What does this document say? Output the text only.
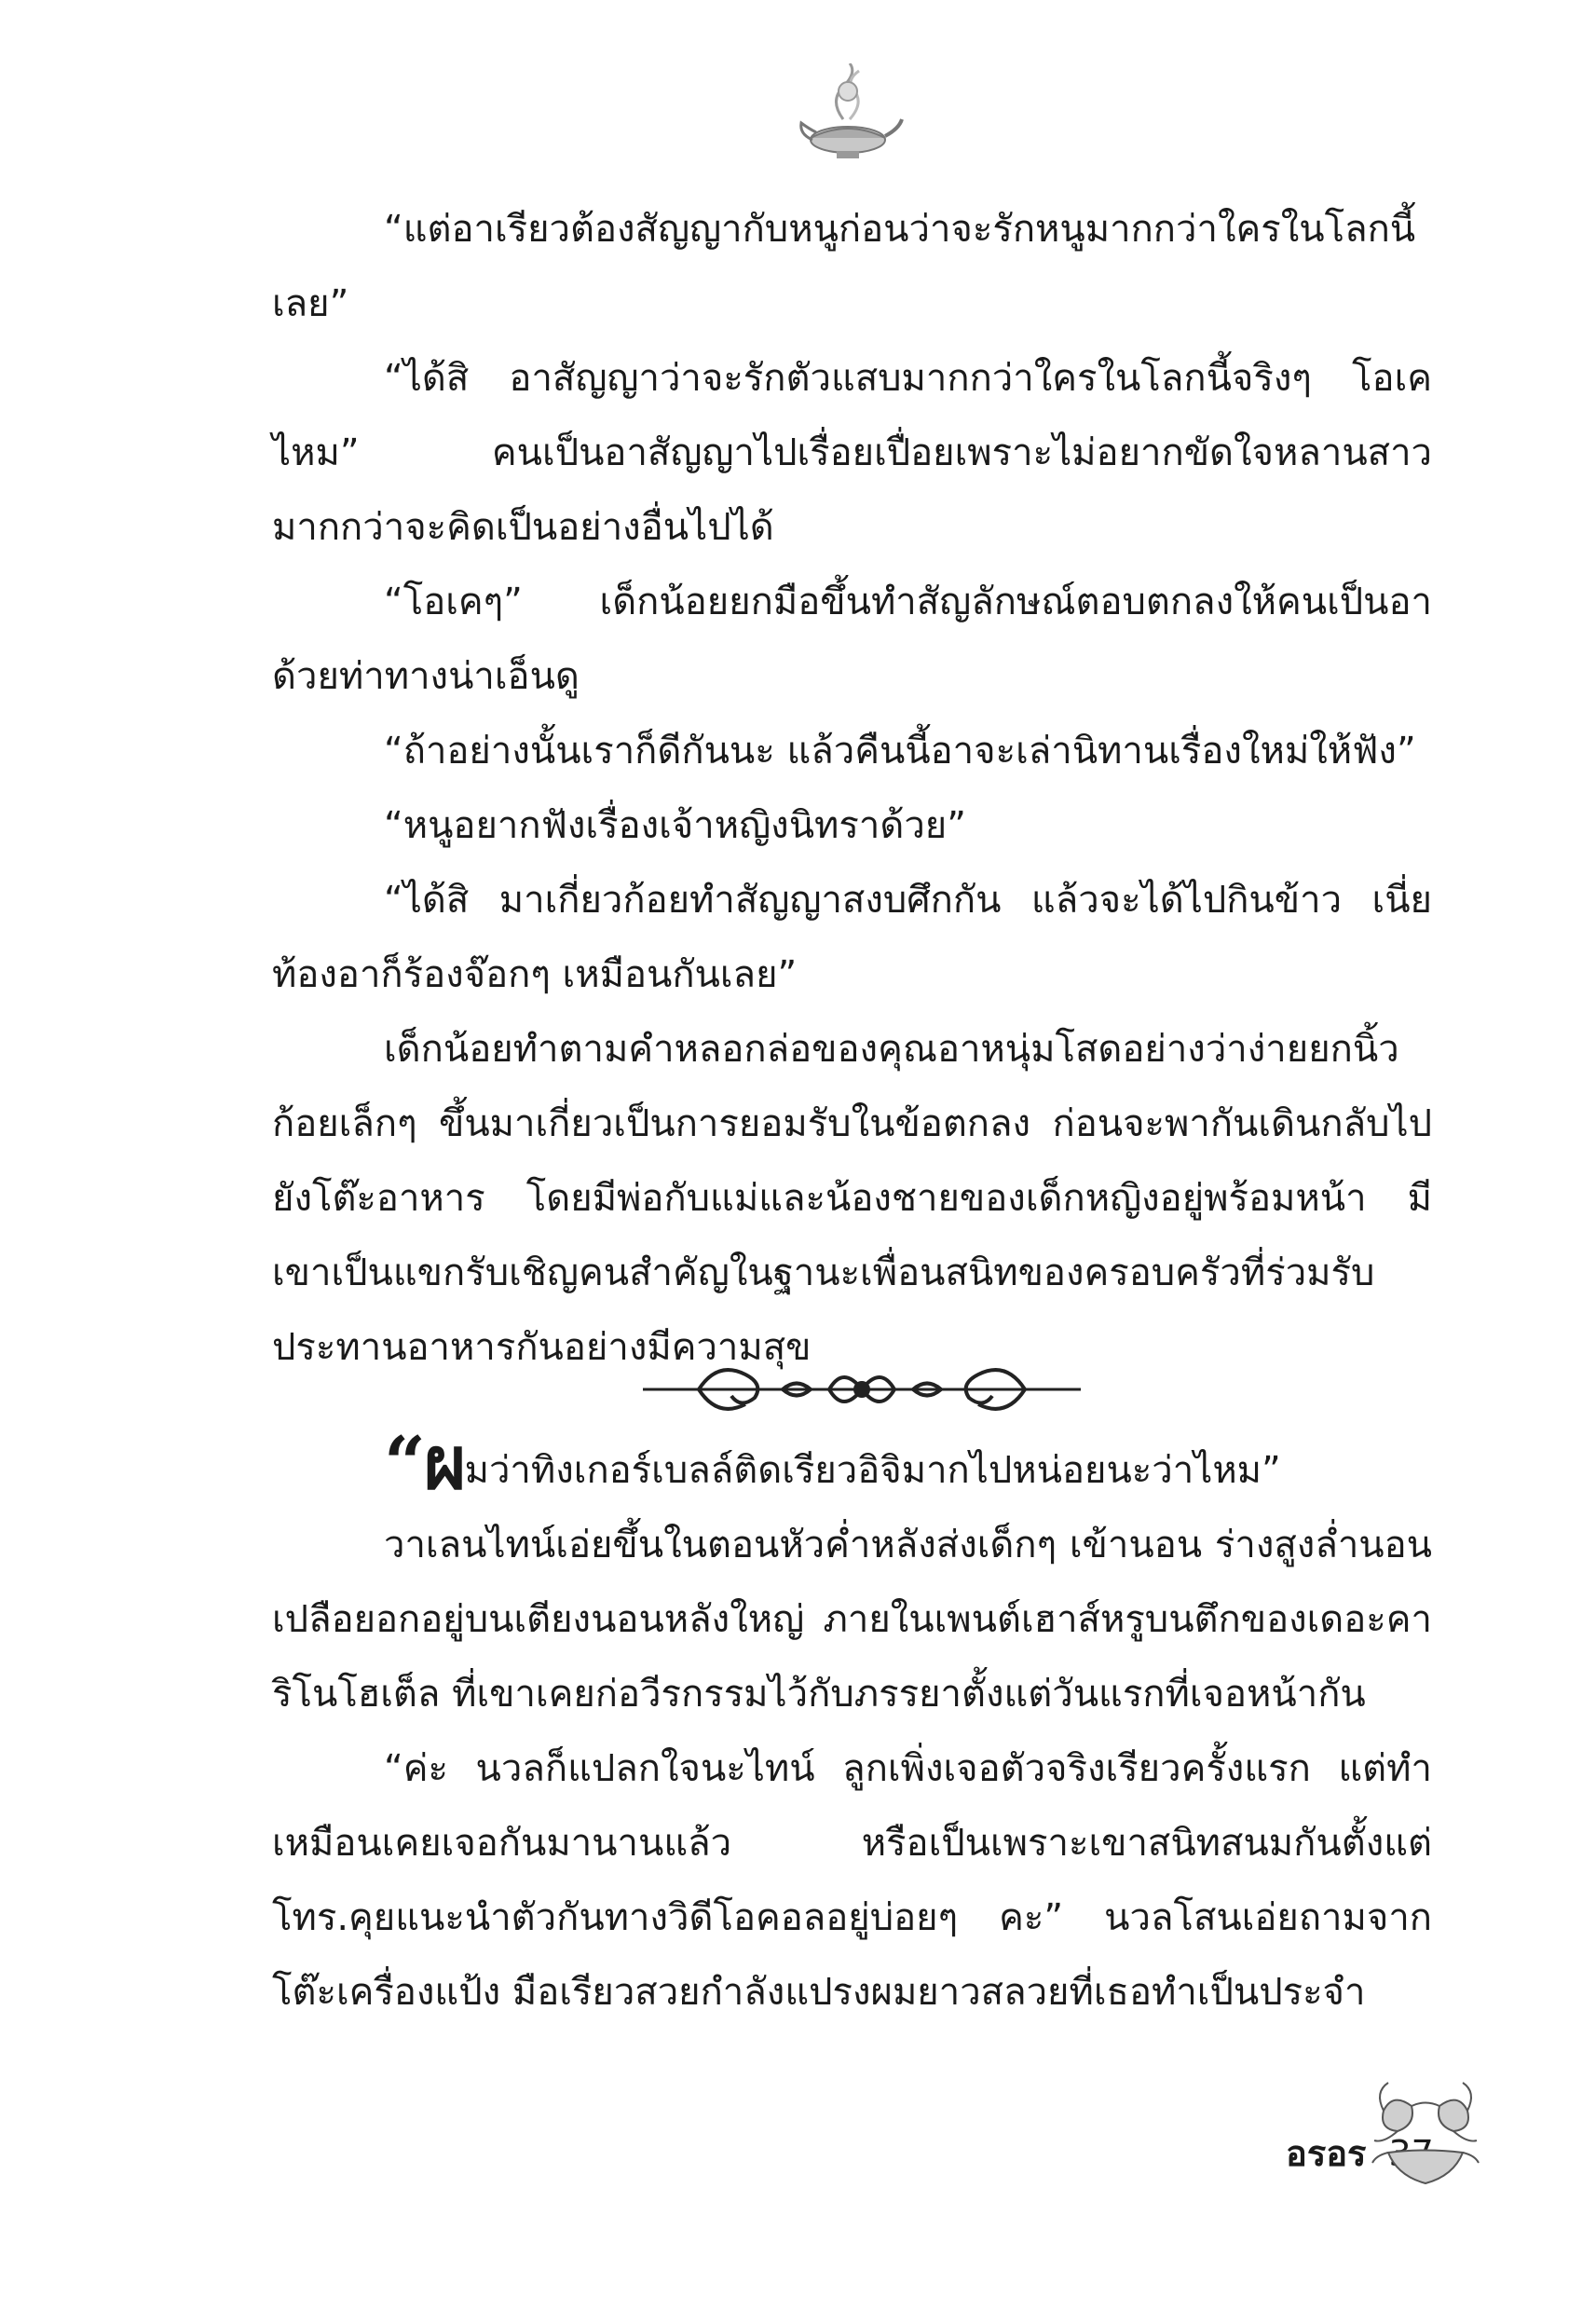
“แต่อาเรียวต้องสัญญากับหนูก่อนว่าจะรักหนูมากกว่าใครในโลกนี้เลย”

“ได้สิ อาสัญญาว่าจะรักตัวแสบมากกว่าใครในโลกนี้จริงๆ โอเคไหม” คนเป็นอาสัญญาไปเรื่อยเปื่อยเพราะไม่อยากขัดใจหลานสาวมากกว่าจะคิดเป็นอย่างอื่นไปได้

“โอเคๆ” เด็กน้อยยกมือขึ้นทำสัญลักษณ์ตอบตกลงให้คนเป็นอาด้วยท่าทางน่าเอ็นดู

“ถ้าอย่างนั้นเราก็ดีกันนะ แล้วคืนนี้อาจะเล่านิทานเรื่องใหม่ให้ฟัง”

“หนูอยากฟังเรื่องเจ้าหญิงนิทราด้วย”

“ได้สิ มาเกี่ยวก้อยทำสัญญาสงบศึกกัน แล้วจะได้ไปกินข้าว เนี่ยท้องอาก็ร้องจ๊อกๆ เหมือนกันเลย”

เด็กน้อยทำตามคำหลอกล่อของคุณอาหนุ่มโสดอย่างว่าง่ายยกนิ้วก้อยเล็กๆ ขึ้นมาเกี่ยวเป็นการยอมรับในข้อตกลง ก่อนจะพากันเดินกลับไปยังโต๊ะอาหาร โดยมีพ่อกับแม่และน้องชายของเด็กหญิงอยู่พร้อมหน้า มีเขาเป็นแขกรับเชิญคนสำคัญในฐานะเพื่อนสนิทของครอบครัวที่ร่วมรับประทานอาหารกันอย่างมีความสุข

“ผมว่าทิงเกอร์เบลล์ติดเรียวอิจิมากไปหน่อยนะว่าไหม”

วาเลนไทน์เอ่ยขึ้นในตอนหัวค่ำหลังส่งเด็กๆ เข้านอน ร่างสูงล่ำนอนเปลือยอกอยู่บนเตียงนอนหลังใหญ่ ภายในเพนต์เฮาส์หรูบนตึกของเดอะคาริโนโฮเต็ล ที่เขาเคยก่อวีรกรรมไว้กับภรรยาตั้งแต่วันแรกที่เจอหน้ากัน

“ค่ะ นวลก็แปลกใจนะไทน์ ลูกเพิ่งเจอตัวจริงเรียวครั้งแรก แต่ทำเหมือนเคยเจอกันมานานแล้ว หรือเป็นเพราะเขาสนิทสนมกันตั้งแต่โทร.คุยแนะนำตัวกันทางวิดีโอคอลอยู่บ่อยๆ คะ” นวลโสนเอ่ยถามจากโต๊ะเครื่องแป้ง มือเรียวสวยกำลังแปรงผมยาวสลวยที่เธอทำเป็นประจำ

อรอร
